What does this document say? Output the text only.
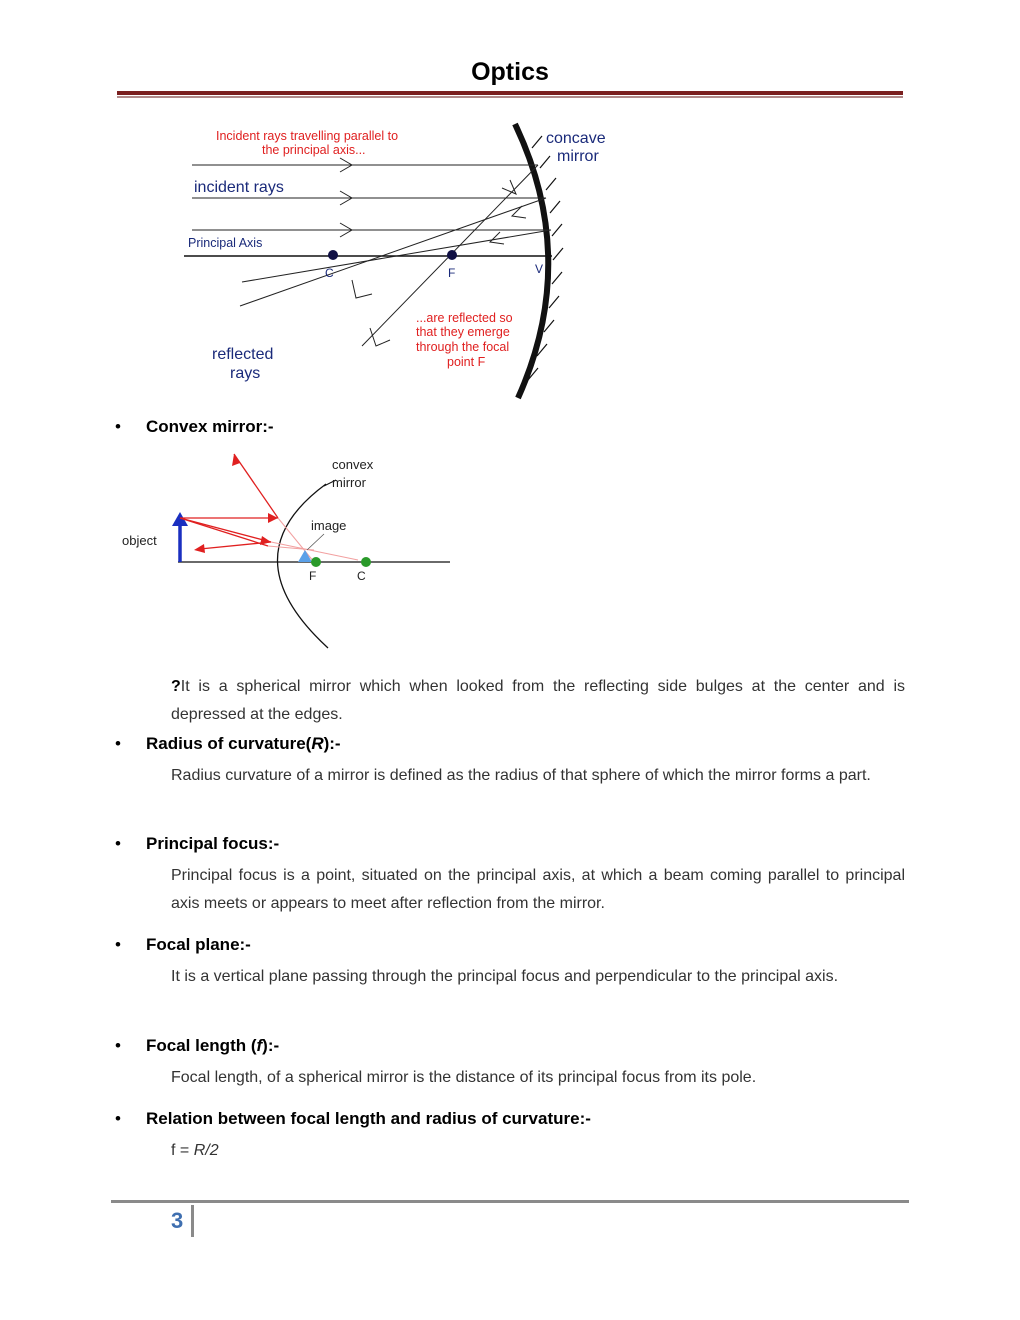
Optics
Incident rays travelling parallel to
the principal axis...
incident rays
Principal Axis
C	F	V
concave
mirror
reflected
rays
...are reflected so
that they emerge
through the focal
point F
• Convex mirror:-
convex
mirror
image
object
F	C
?It is a spherical mirror which when looked from the reflecting side bulges at the center and is depressed at the edges.
• Radius of curvature(R):-
Radius curvature of a mirror is defined as the radius of that sphere of which the mirror forms a part.
• Principal focus:-
Principal focus is a point, situated on the principal axis, at which a beam coming parallel to principal axis meets or appears to meet after reflection from the mirror.
• Focal plane:-
It is a vertical plane passing through the principal focus and perpendicular to the principal axis.
• Focal length (f):-
Focal length, of a spherical mirror is the distance of its principal focus from its pole.
• Relation between focal length and radius of curvature:-
f = R/2
3
